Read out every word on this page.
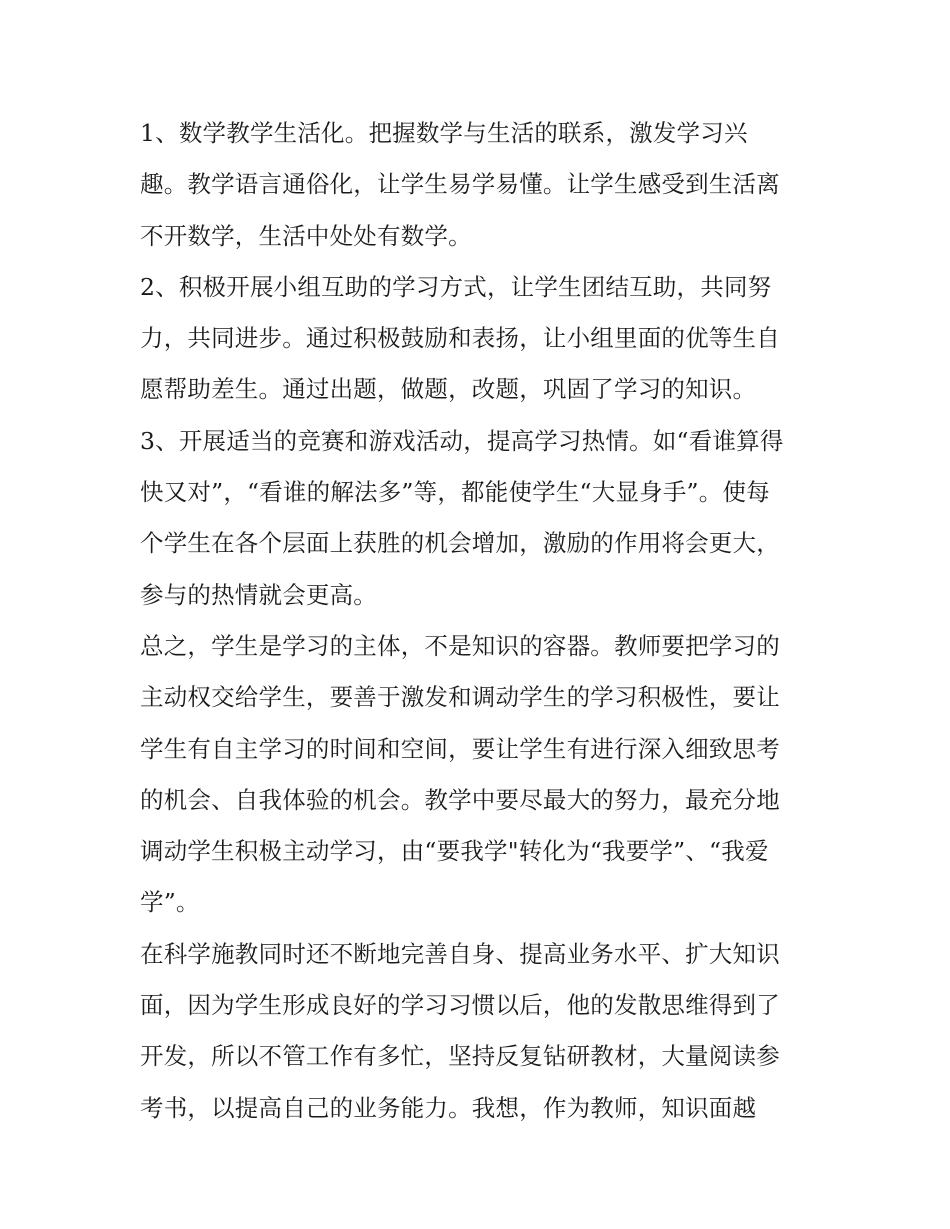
1、数学教学生活化。把握数学与生活的联系，激发学习兴
趣。教学语言通俗化，让学生易学易懂。让学生感受到生活离
不开数学，生活中处处有数学。
2、积极开展小组互助的学习方式，让学生团结互助，共同努
力，共同进步。通过积极鼓励和表扬，让小组里面的优等生自
愿帮助差生。通过出题，做题，改题，巩固了学习的知识。
3、开展适当的竞赛和游戏活动，提高学习热情。如“看谁算得
快又对”，“看谁的解法多”等，都能使学生“大显身手”。使每
个学生在各个层面上获胜的机会增加，激励的作用将会更大，
参与的热情就会更高。
总之，学生是学习的主体，不是知识的容器。教师要把学习的
主动权交给学生，要善于激发和调动学生的学习积极性，要让
学生有自主学习的时间和空间，要让学生有进行深入细致思考
的机会、自我体验的机会。教学中要尽最大的努力，最充分地
调动学生积极主动学习，由“要我学"转化为“我要学”、“我爱
学”。
在科学施教同时还不断地完善自身、提高业务水平、扩大知识
面，因为学生形成良好的学习习惯以后，他的发散思维得到了
开发，所以不管工作有多忙，坚持反复钻研教材，大量阅读参
考书，以提高自己的业务能力。我想，作为教师，知识面越
